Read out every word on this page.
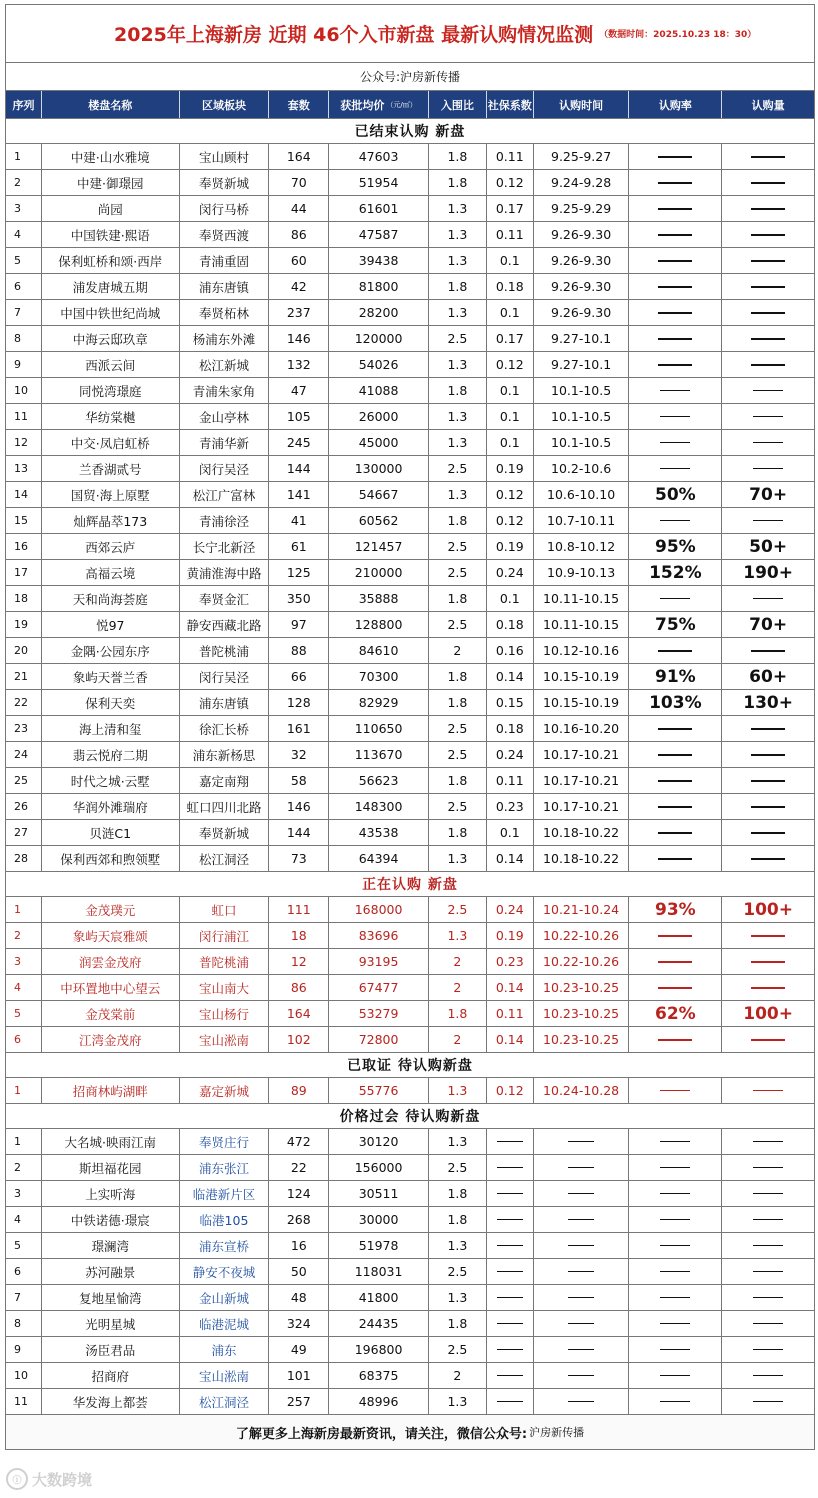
2025年上海新房 近期 46个入市新盘 最新认购情况监测 （数据时间：2025.10.23 18：30）
公众号:沪房新传播
序列	楼盘名称	区域板块	套数	获批均价 （元/㎡）	入围比	社保系数	认购时间	认购率	认购量
已结束认购 新盘
1	中建·山水雅境	宝山顾村	164	47603	1.8	0.11	9.25-9.27
2	中建·御璟园	奉贤新城	70	51954	1.8	0.12	9.24-9.28
3	尚园	闵行马桥	44	61601	1.3	0.17	9.25-9.29
4	中国铁建·熙语	奉贤西渡	86	47587	1.3	0.11	9.26-9.30
5	保利虹桥和颂·西岸	青浦重固	60	39438	1.3	0.1	9.26-9.30
6	浦发唐城五期	浦东唐镇	42	81800	1.8	0.18	9.26-9.30
7	中国中铁世纪尚城	奉贤柘林	237	28200	1.3	0.1	9.26-9.30
8	中海云邸玖章	杨浦东外滩	146	120000	2.5	0.17	9.27-10.1
9	西派云间	松江新城	132	54026	1.3	0.12	9.27-10.1
10	同悦湾璟庭	青浦朱家角	47	41088	1.8	0.1	10.1-10.5
11	华纺棠樾	金山亭林	105	26000	1.3	0.1	10.1-10.5
12	中交·凤启虹桥	青浦华新	245	45000	1.3	0.1	10.1-10.5
13	兰香湖贰号	闵行吴泾	144	130000	2.5	0.19	10.2-10.6
14	国贸·海上原墅	松江广富林	141	54667	1.3	0.12	10.6-10.10	50%	70+
15	灿辉晶萃173	青浦徐泾	41	60562	1.8	0.12	10.7-10.11
16	西郊云庐	长宁北新泾	61	121457	2.5	0.19	10.8-10.12	95%	50+
17	高福云境	黄浦淮海中路	125	210000	2.5	0.24	10.9-10.13	152%	190+
18	天和尚海荟庭	奉贤金汇	350	35888	1.8	0.1	10.11-10.15
19	悦97	静安西藏北路	97	128800	2.5	0.18	10.11-10.15	75%	70+
20	金隅·公园东序	普陀桃浦	88	84610	2	0.16	10.12-10.16
21	象屿天誉兰香	闵行吴泾	66	70300	1.8	0.14	10.15-10.19	91%	60+
22	保利天奕	浦东唐镇	128	82929	1.8	0.15	10.15-10.19	103%	130+
23	海上清和玺	徐汇长桥	161	110650	2.5	0.18	10.16-10.20
24	翡云悦府二期	浦东新杨思	32	113670	2.5	0.24	10.17-10.21
25	时代之城·云墅	嘉定南翔	58	56623	1.8	0.11	10.17-10.21
26	华润外滩瑞府	虹口四川北路	146	148300	2.5	0.23	10.17-10.21
27	贝涟C1	奉贤新城	144	43538	1.8	0.1	10.18-10.22
28	保利西郊和煦领墅	松江洞泾	73	64394	1.3	0.14	10.18-10.22
正在认购 新盘
1	金茂璞元	虹口	111	168000	2.5	0.24	10.21-10.24	93%	100+
2	象屿天宸雅颂	闵行浦江	18	83696	1.3	0.19	10.22-10.26
3	润雲金茂府	普陀桃浦	12	93195	2	0.23	10.22-10.26
4	中环置地中心望云	宝山南大	86	67477	2	0.14	10.23-10.25
5	金茂棠前	宝山杨行	164	53279	1.8	0.11	10.23-10.25	62%	100+
6	江湾金茂府	宝山淞南	102	72800	2	0.14	10.23-10.25
已取证 待认购新盘
1	招商林屿湖畔	嘉定新城	89	55776	1.3	0.12	10.24-10.28
价格过会 待认购新盘
1	大名城·映雨江南	奉贤庄行	472	30120	1.3
2	斯坦福花园	浦东张江	22	156000	2.5
3	上实听海	临港新片区	124	30511	1.8
4	中铁诺德·璟宸	临港105	268	30000	1.8
5	璟澜湾	浦东宣桥	16	51978	1.3
6	苏河融景	静安不夜城	50	118031	2.5
7	复地星愉湾	金山新城	48	41800	1.3
8	光明星城	临港泥城	324	24435	1.8
9	汤臣君品	浦东	49	196800	2.5
10	招商府	宝山淞南	101	68375	2
11	华发海上都荟	松江洞泾	257	48996	1.3
了解更多上海新房最新资讯，请关注，微信公众号: 沪房新传播
ⓘ 大数跨境
